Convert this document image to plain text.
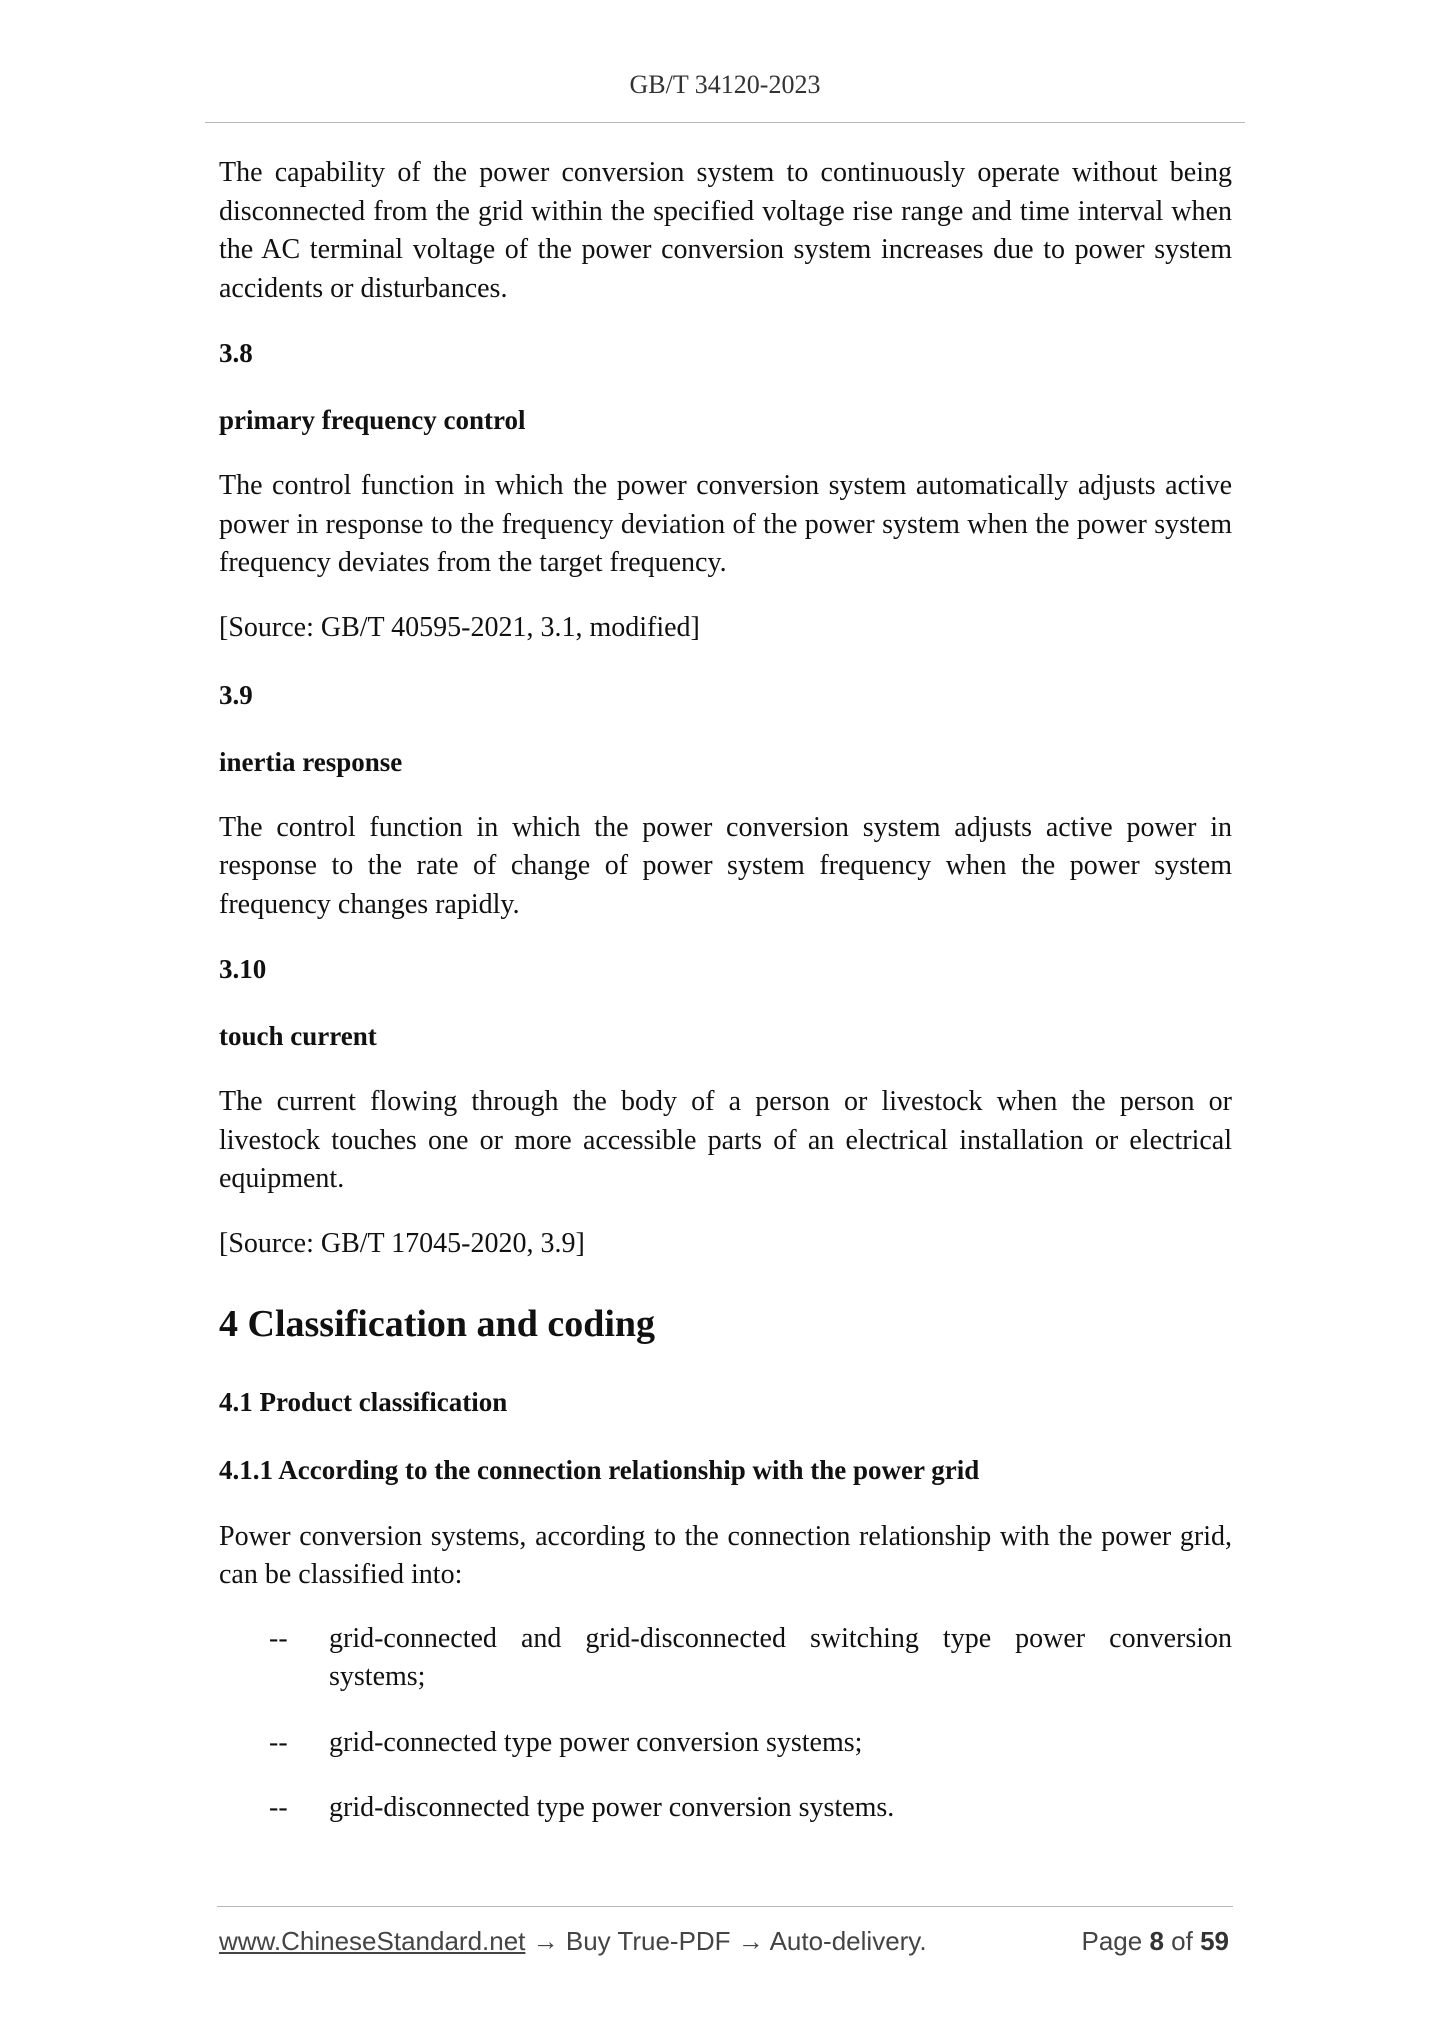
GB/T 34120-2023

The capability of the power conversion system to continuously operate without being disconnected from the grid within the specified voltage rise range and time interval when the AC terminal voltage of the power conversion system increases due to power system accidents or disturbances.

3.8
primary frequency control

The control function in which the power conversion system automatically adjusts active power in response to the frequency deviation of the power system when the power system frequency deviates from the target frequency.

[Source: GB/T 40595-2021, 3.1, modified]
3.9
inertia response

The control function in which the power conversion system adjusts active power in response to the rate of change of power system frequency when the power system frequency changes rapidly.

3.10
touch current

The current flowing through the body of a person or livestock when the person or livestock touches one or more accessible parts of an electrical installation or electrical equipment.

[Source: GB/T 17045-2020, 3.9]
4 Classification and coding
4.1 Product classification
4.1.1 According to the connection relationship with the power grid

Power conversion systems, according to the connection relationship with the power grid, can be classified into:

-- grid-connected and grid-disconnected switching type power conversion systems;
-- grid-connected type power conversion systems;
-- grid-disconnected type power conversion systems.
www.ChineseStandard.net → Buy True-PDF → Auto-delivery.	Page 8 of 59
